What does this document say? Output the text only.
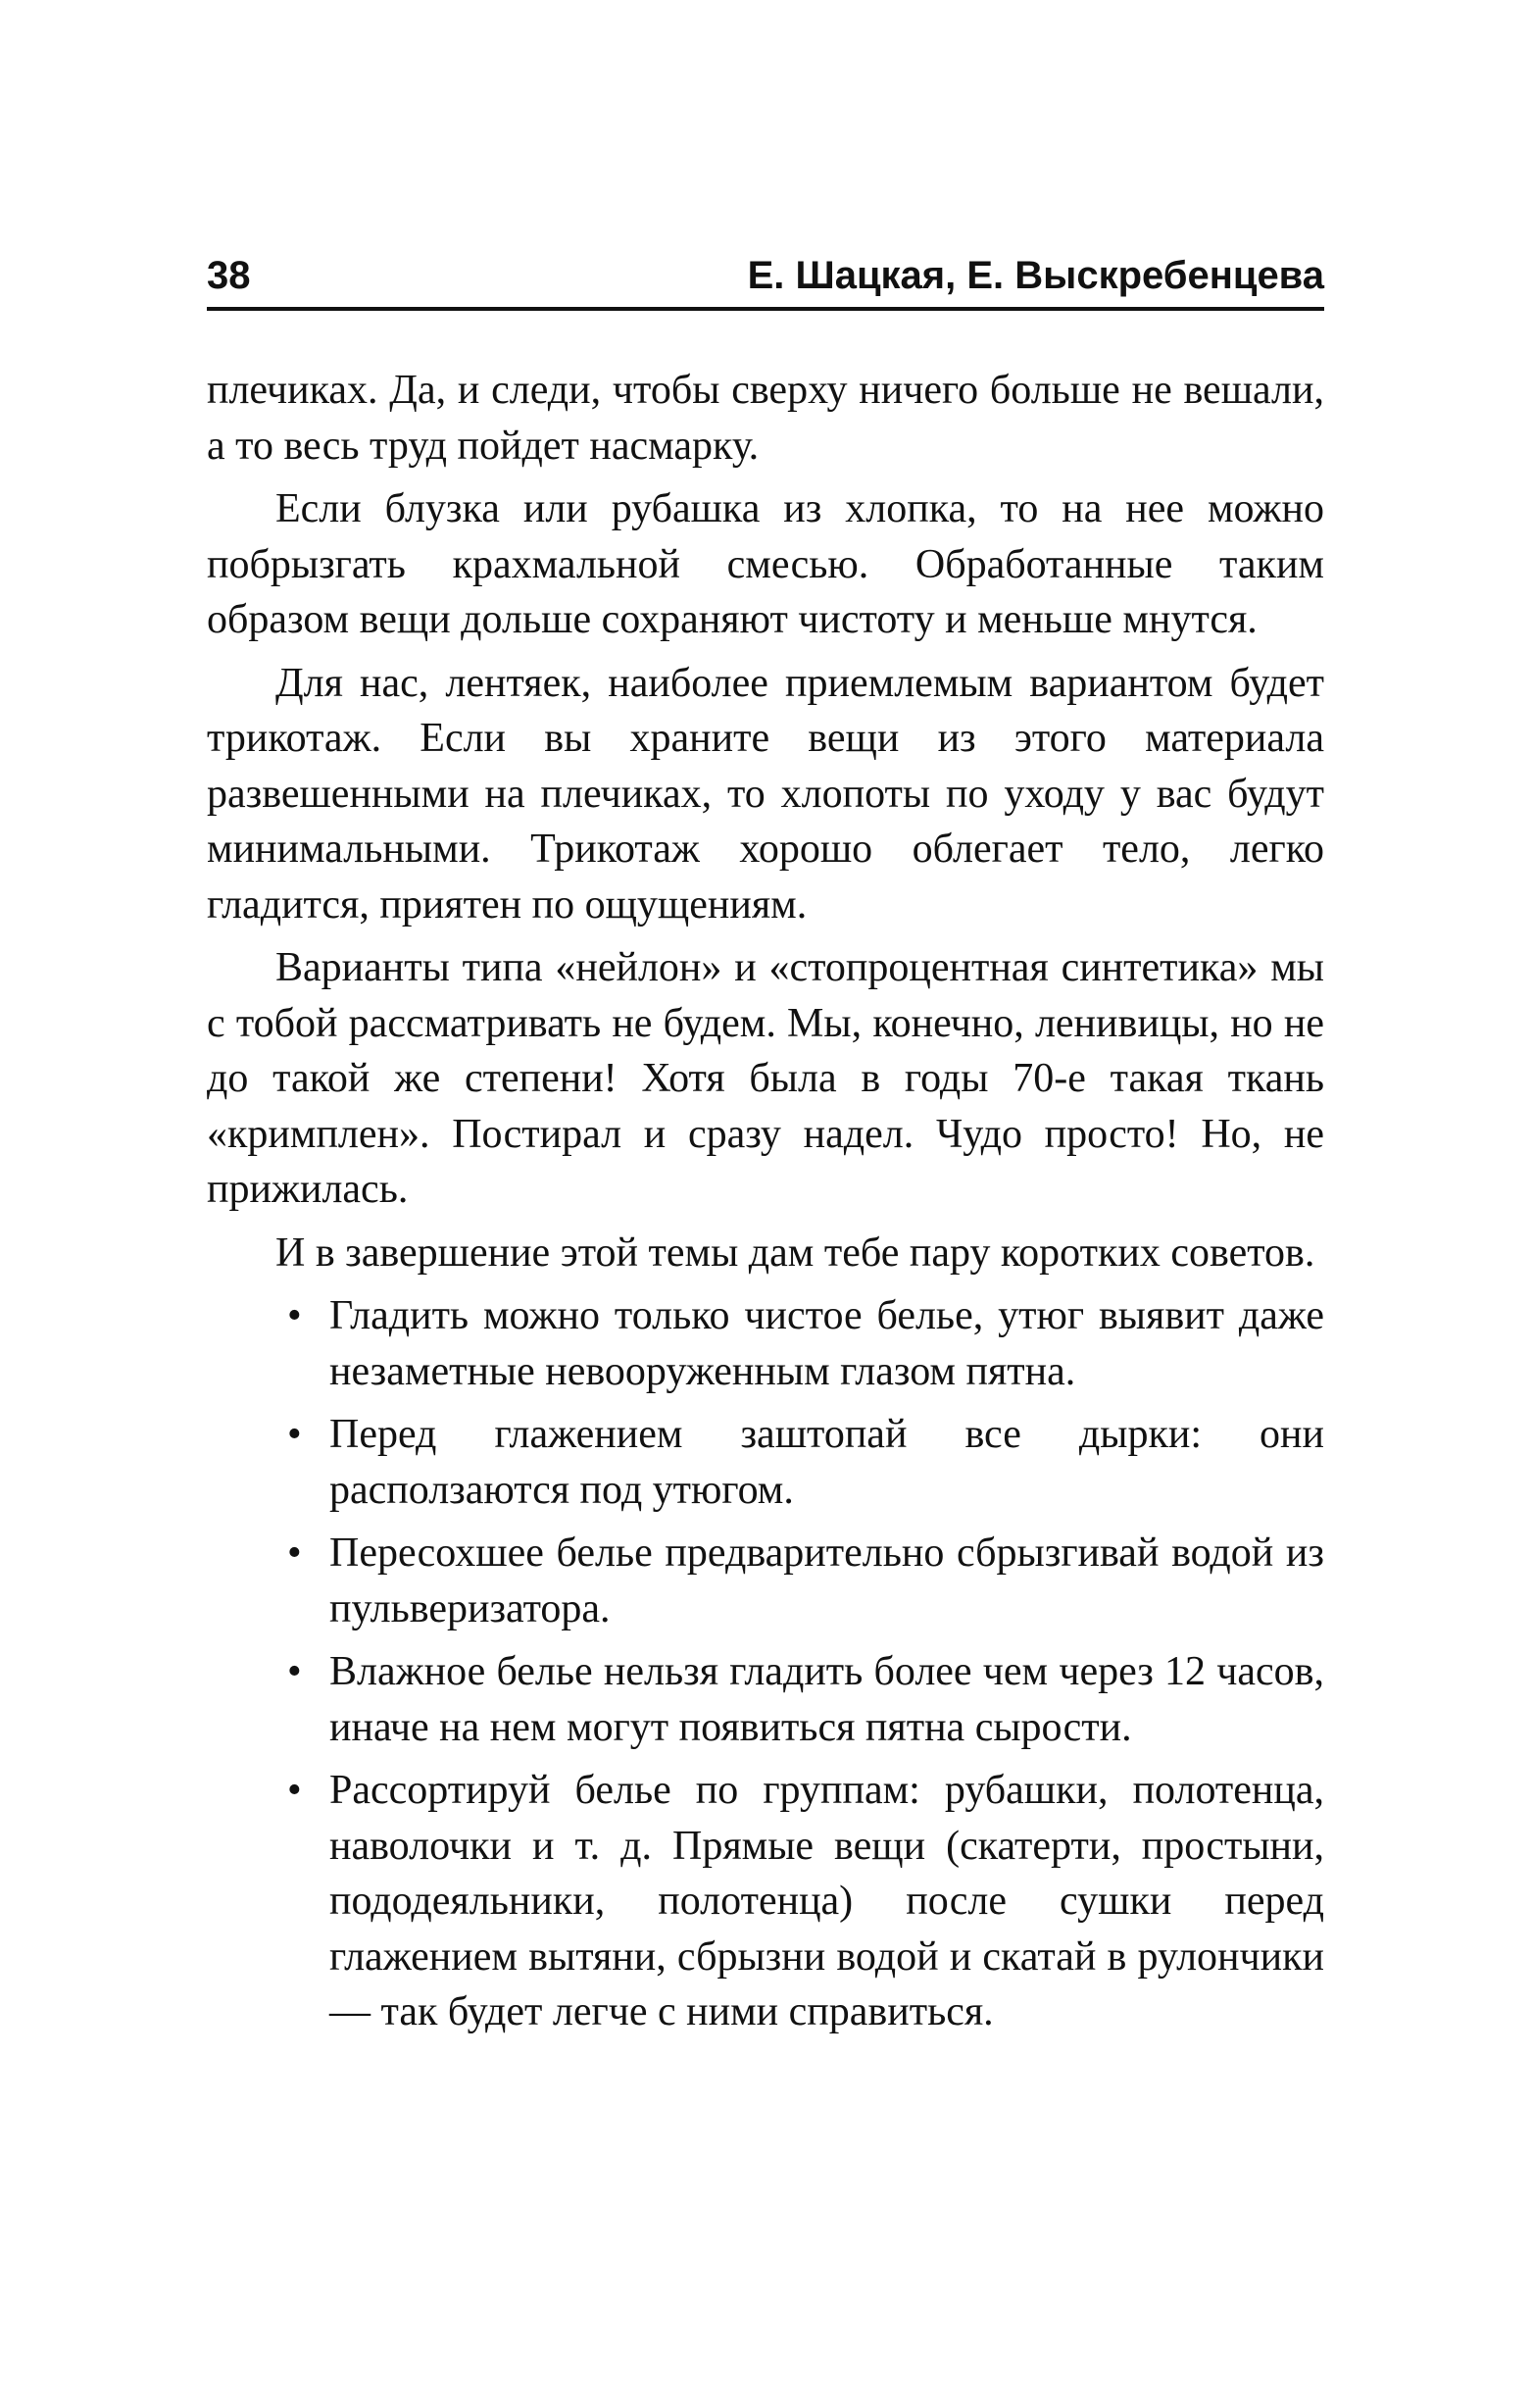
38	Е. Шацкая, Е. Выскребенцева

плечиках. Да, и следи, чтобы сверху ничего больше не вешали, а то весь труд пойдет насмарку.

Если блузка или рубашка из хлопка, то на нее можно побрызгать крахмальной смесью. Обработанные таким образом вещи дольше сохраняют чистоту и меньше мнутся.

Для нас, лентяек, наиболее приемлемым вариантом будет трикотаж. Если вы храните вещи из этого материала развешенными на плечиках, то хлопоты по уходу у вас будут минимальными. Трикотаж хорошо облегает тело, легко гладится, приятен по ощущениям.

Варианты типа «нейлон» и «стопроцентная синтетика» мы с тобой рассматривать не будем. Мы, конечно, ленивицы, но не до такой же степени! Хотя была в годы 70-е такая ткань «кримплен». Постирал и сразу надел. Чудо просто! Но, не прижилась.

И в завершение этой темы дам тебе пару коротких советов.

• Гладить можно только чистое белье, утюг выявит даже незаметные невооруженным глазом пятна.
• Перед глажением заштопай все дырки: они расползаются под утюгом.
• Пересохшее белье предварительно сбрызгивай водой из пульверизатора.
• Влажное белье нельзя гладить более чем через 12 часов, иначе на нем могут появиться пятна сырости.
• Рассортируй белье по группам: рубашки, полотенца, наволочки и т. д. Прямые вещи (скатерти, простыни, пододеяльники, полотенца) после сушки перед глажением вытяни, сбрызни водой и скатай в рулончики — так будет легче с ними справиться.
